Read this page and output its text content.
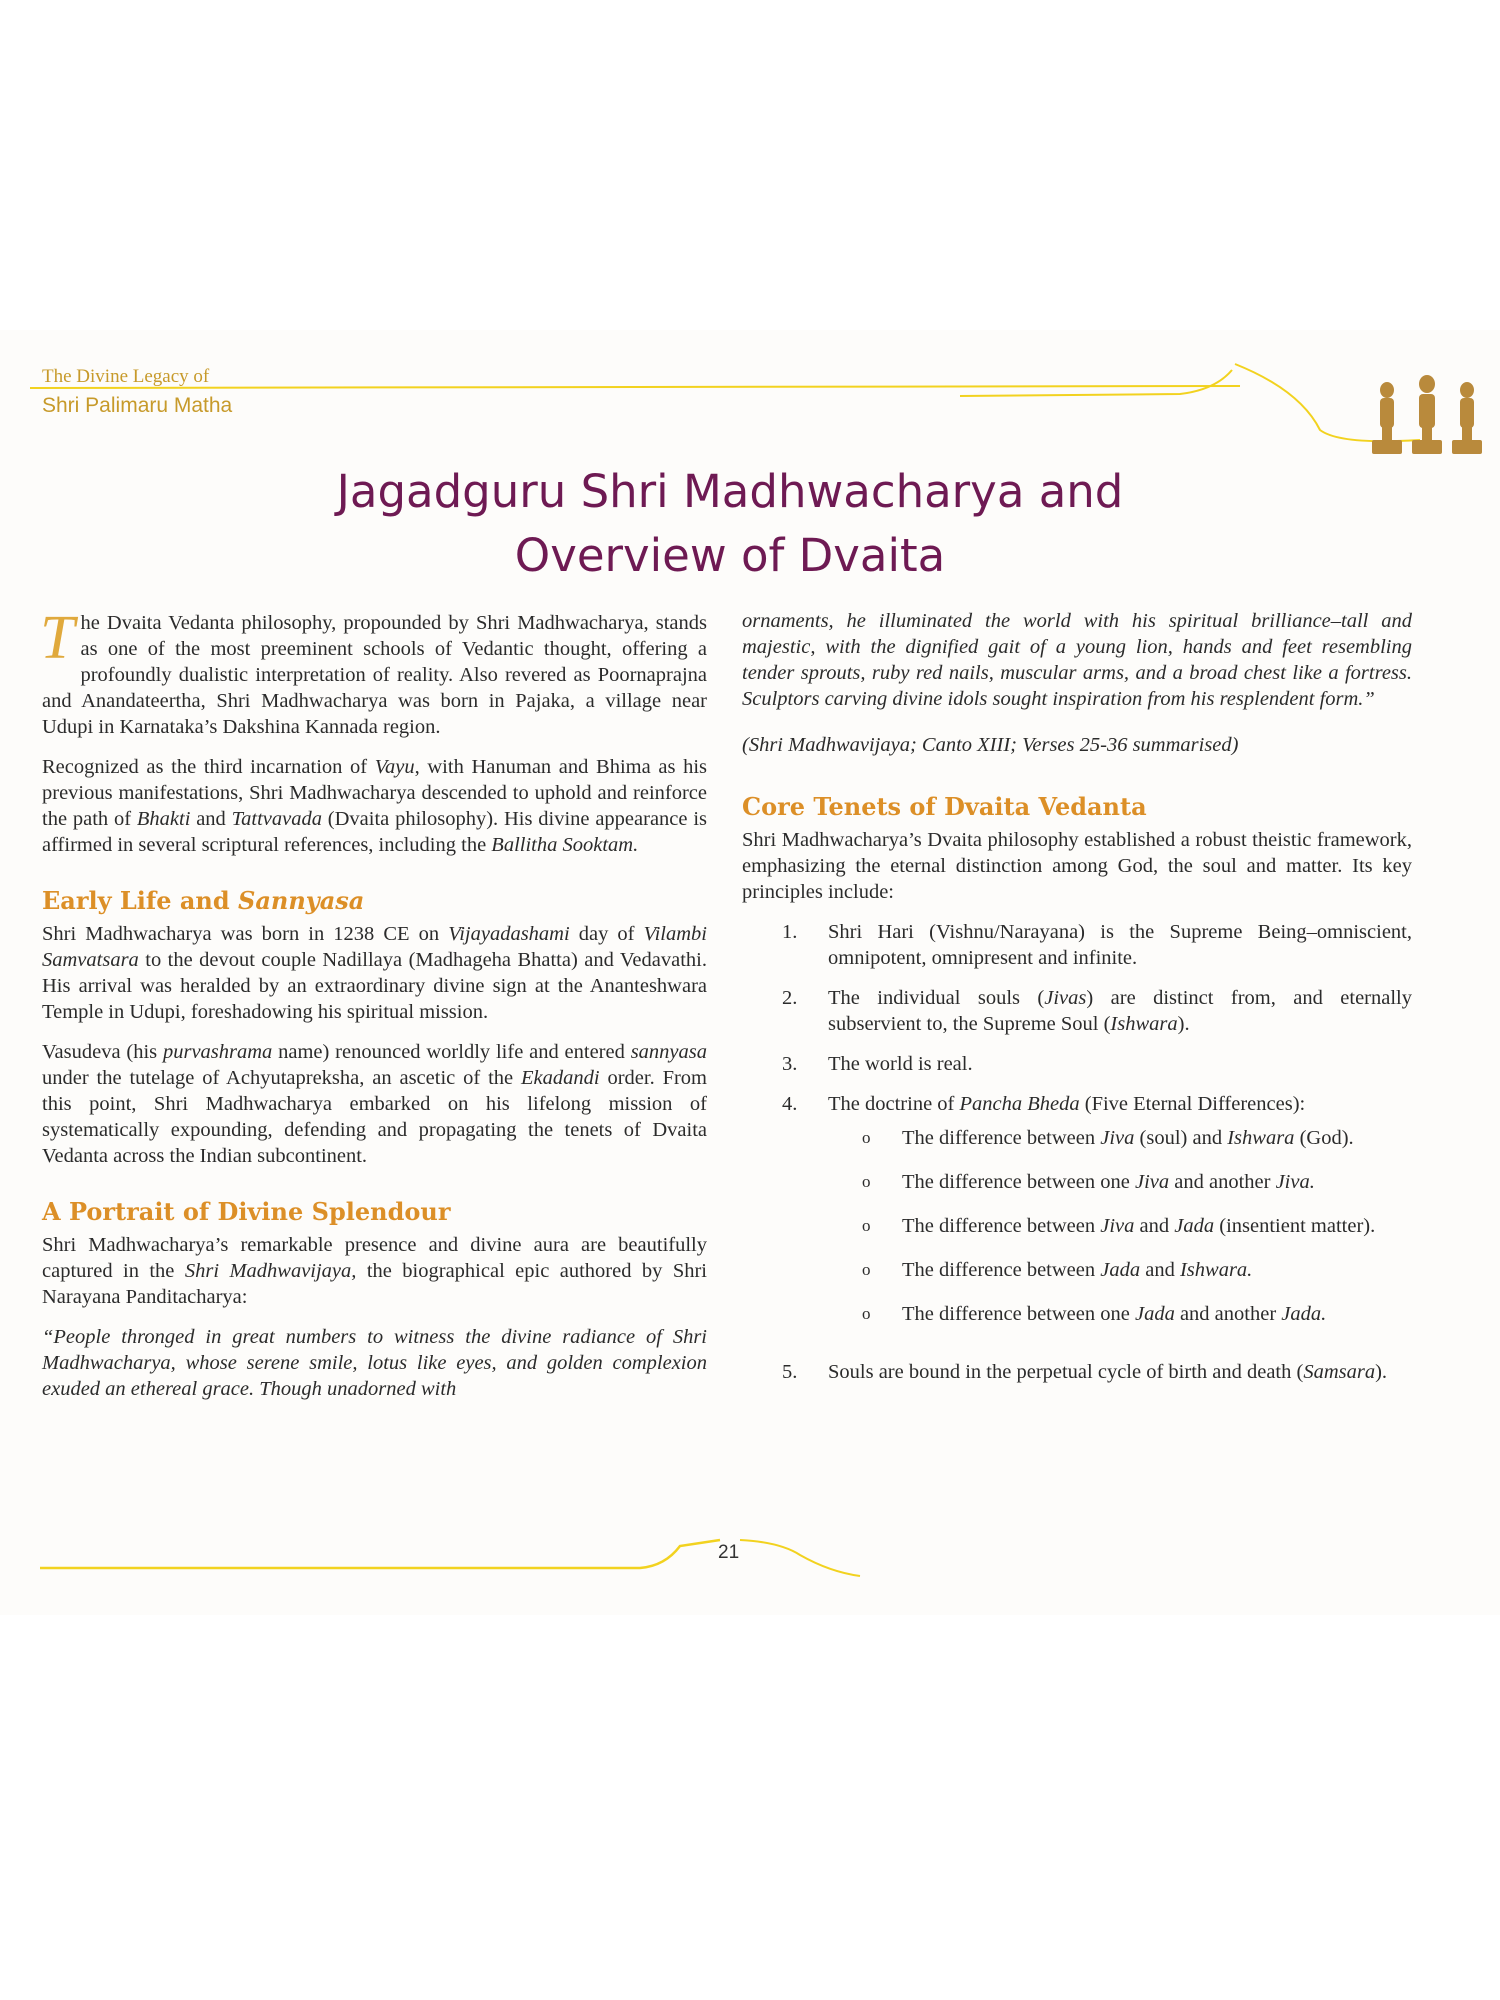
The Divine Legacy of
Shri Palimaru Matha
Jagadguru Shri Madhwacharya and
Overview of Dvaita

The Dvaita Vedanta philosophy, propounded by Shri Madhwacharya, stands as one of the most preeminent schools of Vedantic thought, offering a profoundly dualistic interpretation of reality. Also revered as Poornaprajna and Anandateertha, Shri Madhwacharya was born in Pajaka, a village near Udupi in Karnataka’s Dakshina Kannada region.

Recognized as the third incarnation of Vayu, with Hanuman and Bhima as his previous manifestations, Shri Madhwacharya descended to uphold and reinforce the path of Bhakti and Tattvavada (Dvaita philosophy). His divine appearance is affirmed in several scriptural references, including the Ballitha Sooktam.

Early Life and Sannyasa

Shri Madhwacharya was born in 1238 CE on Vijayadashami day of Vilambi Samvatsara to the devout couple Nadillaya (Madhageha Bhatta) and Vedavathi. His arrival was heralded by an extraordinary divine sign at the Ananteshwara Temple in Udupi, foreshadowing his spiritual mission.

Vasudeva (his purvashrama name) renounced worldly life and entered sannyasa under the tutelage of Achyutapreksha, an ascetic of the Ekadandi order. From this point, Shri Madhwacharya embarked on his lifelong mission of systematically expounding, defending and propagating the tenets of Dvaita Vedanta across the Indian subcontinent.

A Portrait of Divine Splendour

Shri Madhwacharya’s remarkable presence and divine aura are beautifully captured in the Shri Madhwavijaya, the biographical epic authored by Shri Narayana Panditacharya:

“People thronged in great numbers to witness the divine radiance of Shri Madhwacharya, whose serene smile, lotus like eyes, and golden complexion exuded an ethereal grace. Though unadorned with

ornaments, he illuminated the world with his spiritual brilliance–tall and majestic, with the dignified gait of a young lion, hands and feet resembling tender sprouts, ruby red nails, muscular arms, and a broad chest like a fortress. Sculptors carving divine idols sought inspiration from his resplendent form.”

(Shri Madhwavijaya; Canto XIII; Verses 25-36 summarised)

Core Tenets of Dvaita Vedanta

Shri Madhwacharya’s Dvaita philosophy established a robust theistic framework, emphasizing the eternal distinction among God, the soul and matter. Its key principles include:

1.	Shri Hari (Vishnu/Narayana) is the Supreme Being–omniscient, omnipotent, omnipresent and infinite.
2.	The individual souls (Jivas) are distinct from, and eternally subservient to, the Supreme Soul (Ishwara).
3.	The world is real.
4.	The doctrine of Pancha Bheda (Five Eternal Differences):
o	The difference between Jiva (soul) and Ishwara (God).
o	The difference between one Jiva and another Jiva.
o	The difference between Jiva and Jada (insentient matter).
o	The difference between Jada and Ishwara.
o	The difference between one Jada and another Jada.
5.	Souls are bound in the perpetual cycle of birth and death (Samsara).
21
